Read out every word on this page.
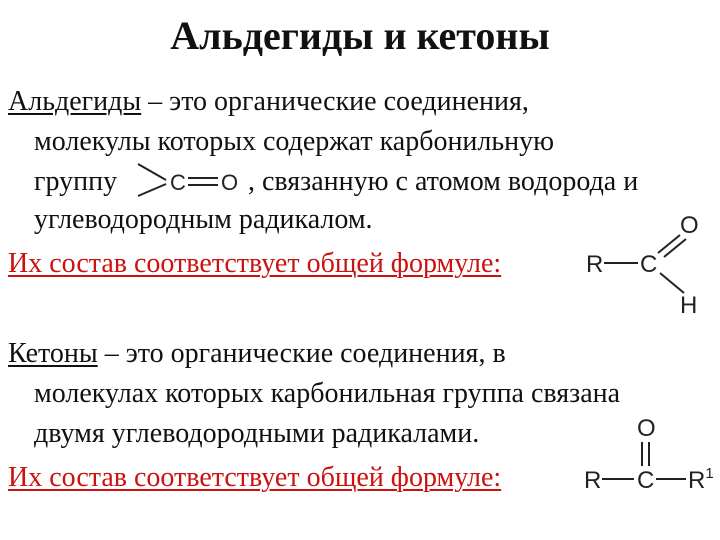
Альдегиды и кетоны
Альдегиды – это органические соединения,
молекулы которых содержат карбонильную
группу C O , связанную с атомом водорода и
углеводородным радикалом.
Их состав соответствует общей формуле:
O
R C
H
Кетоны – это органические соединения, в
молекулах которых карбонильная группа связана
двумя углеводородными радикалами.
Их состав соответствует общей формуле:
O
R C $R^1$
